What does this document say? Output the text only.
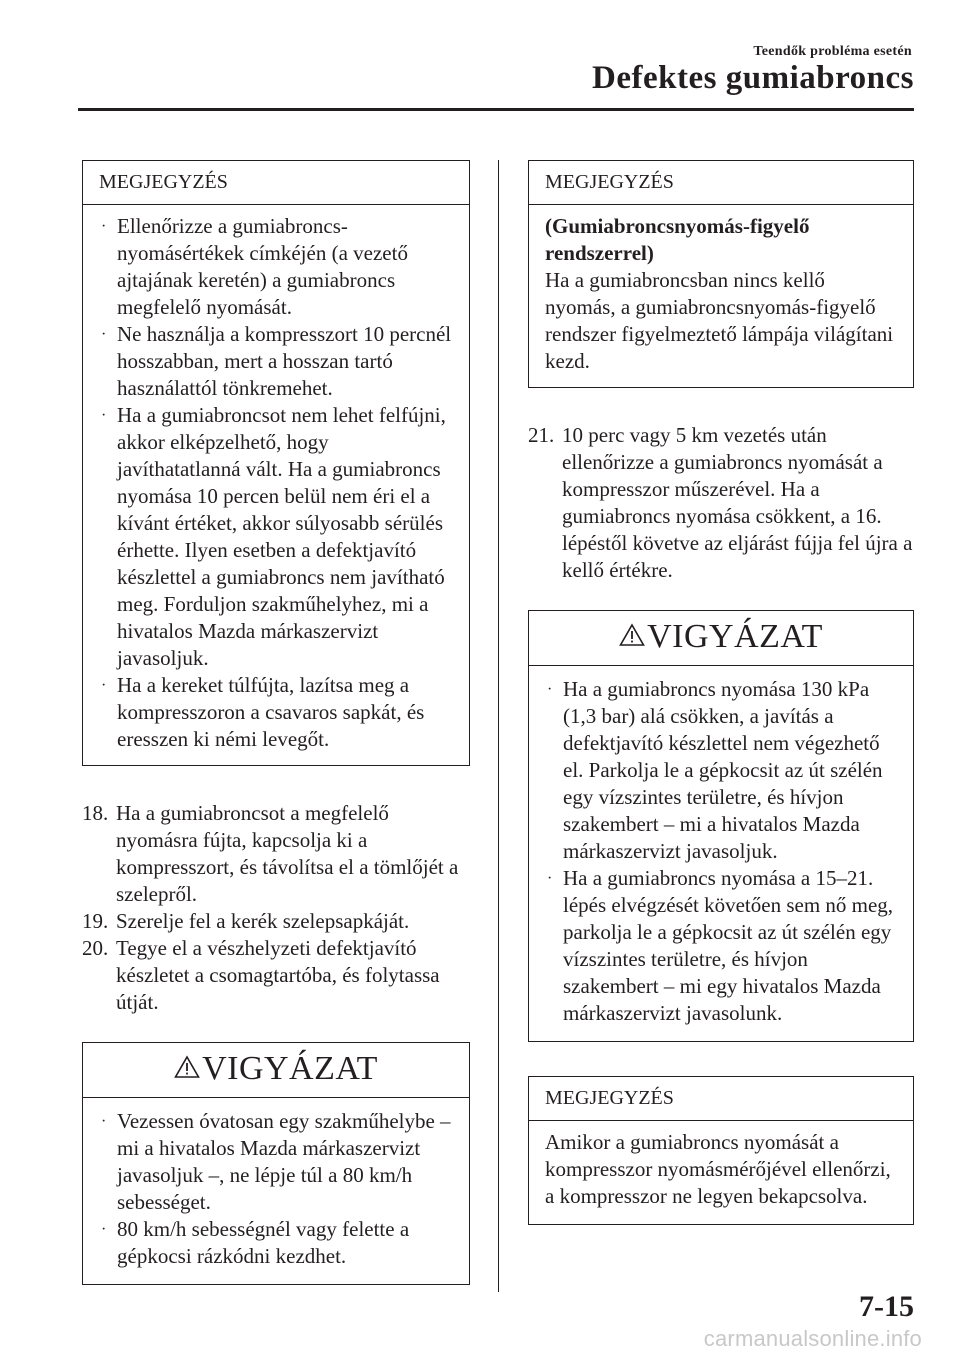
Teendők probléma esetén
Defektes gumiabroncs
MEGJEGYZÉS
· Ellenőrizze a gumiabroncs-nyomásértékek címkéjén (a vezető ajtajának keretén) a gumiabroncs megfelelő nyomását.
· Ne használja a kompresszort 10 percnél hosszabban, mert a hosszan tartó használattól tönkremehet.
· Ha a gumiabroncsot nem lehet felfújni, akkor elképzelhető, hogy javíthatatlanná vált. Ha a gumiabroncs nyomása 10 percen belül nem éri el a kívánt értéket, akkor súlyosabb sérülés érhette. Ilyen esetben a defektjavító készlettel a gumiabroncs nem javítható meg. Forduljon szakműhelyhez, mi a hivatalos Mazda márkaszervizt javasoljuk.
· Ha a kereket túlfújta, lazítsa meg a kompresszoron a csavaros sapkát, és eresszen ki némi levegőt.
18. Ha a gumiabroncsot a megfelelő nyomásra fújta, kapcsolja ki a kompresszort, és távolítsa el a tömlőjét a szelepről.
19. Szerelje fel a kerék szelepsapkáját.
20. Tegye el a vészhelyzeti defektjavító készletet a csomagtartóba, és folytassa útját.
VIGYÁZAT
· Vezessen óvatosan egy szakműhelybe – mi a hivatalos Mazda márkaszervizt javasoljuk –, ne lépje túl a 80 km/h sebességet.
· 80 km/h sebességnél vagy felette a gépkocsi rázkódni kezdhet.
MEGJEGYZÉS
(Gumiabroncsnyomás-figyelő rendszerrel)
Ha a gumiabroncsban nincs kellő nyomás, a gumiabroncsnyomás-figyelő rendszer figyelmeztető lámpája világítani kezd.
21. 10 perc vagy 5 km vezetés után ellenőrizze a gumiabroncs nyomását a kompresszor műszerével. Ha a gumiabroncs nyomása csökkent, a 16. lépéstől követve az eljárást fújja fel újra a kellő értékre.
VIGYÁZAT
· Ha a gumiabroncs nyomása 130 kPa (1,3 bar) alá csökken, a javítás a defektjavító készlettel nem végezhető el. Parkolja le a gépkocsit az út szélén egy vízszintes területre, és hívjon szakembert – mi a hivatalos Mazda márkaszervizt javasoljuk.
· Ha a gumiabroncs nyomása a 15–21. lépés elvégzését követően sem nő meg, parkolja le a gépkocsit az út szélén egy vízszintes területre, és hívjon szakembert – mi egy hivatalos Mazda márkaszervizt javasolunk.
MEGJEGYZÉS
Amikor a gumiabroncs nyomását a kompresszor nyomásmérőjével ellenőrzi, a kompresszor ne legyen bekapcsolva.
7-15
carmanualsonline.info
